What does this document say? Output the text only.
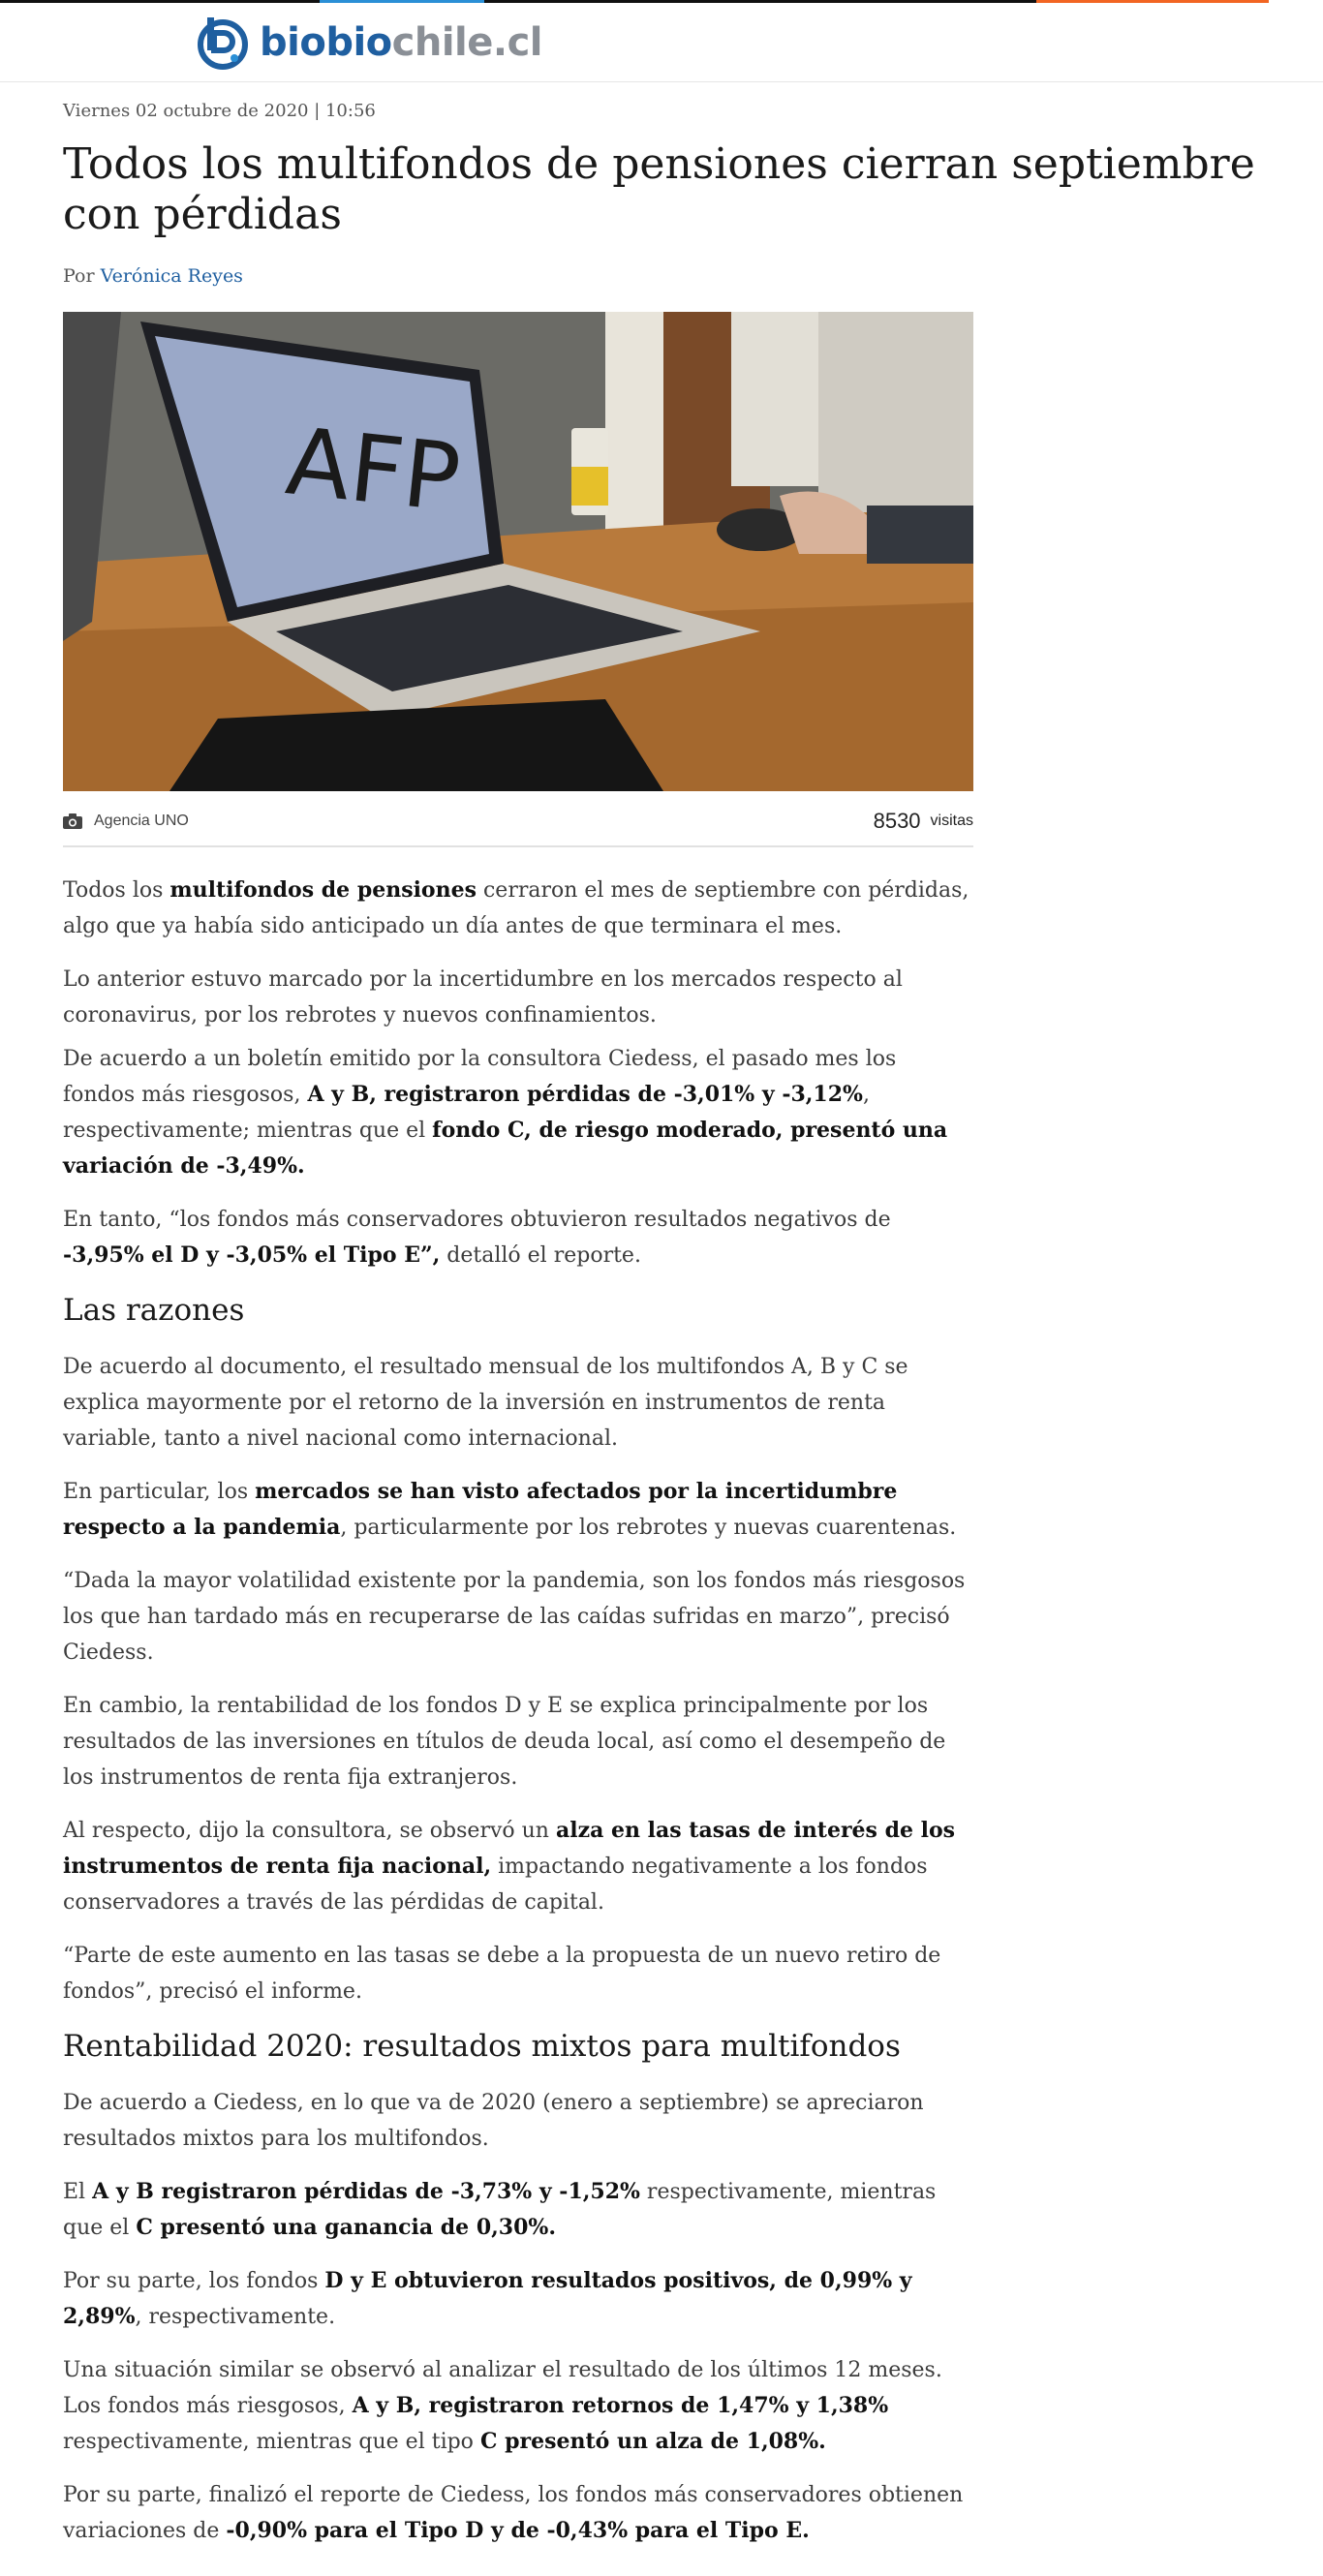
biobiochile.cl
Viernes 02 octubre de 2020 | 10:56
Todos los multifondos de pensiones cierran septiembre con pérdidas
Por Verónica Reyes
AFP
Agencia UNO	8530 visitas

Todos los multifondos de pensiones cerraron el mes de septiembre con pérdidas, algo que ya había sido anticipado un día antes de que terminara el mes.

Lo anterior estuvo marcado por la incertidumbre en los mercados respecto al coronavirus, por los rebrotes y nuevos confinamientos.

De acuerdo a un boletín emitido por la consultora Ciedess, el pasado mes los fondos más riesgosos, A y B, registraron pérdidas de -3,01% y -3,12%, respectivamente; mientras que el fondo C, de riesgo moderado, presentó una variación de -3,49%.

En tanto, “los fondos más conservadores obtuvieron resultados negativos de -3,95% el D y -3,05% el Tipo E”, detalló el reporte.

Las razones

De acuerdo al documento, el resultado mensual de los multifondos A, B y C se explica mayormente por el retorno de la inversión en instrumentos de renta variable, tanto a nivel nacional como internacional.

En particular, los mercados se han visto afectados por la incertidumbre respecto a la pandemia, particularmente por los rebrotes y nuevas cuarentenas.

“Dada la mayor volatilidad existente por la pandemia, son los fondos más riesgosos los que han tardado más en recuperarse de las caídas sufridas en marzo”, precisó Ciedess.

En cambio, la rentabilidad de los fondos D y E se explica principalmente por los resultados de las inversiones en títulos de deuda local, así como el desempeño de los instrumentos de renta fija extranjeros.

Al respecto, dijo la consultora, se observó un alza en las tasas de interés de los instrumentos de renta fija nacional, impactando negativamente a los fondos conservadores a través de las pérdidas de capital.

“Parte de este aumento en las tasas se debe a la propuesta de un nuevo retiro de fondos”, precisó el informe.

Rentabilidad 2020: resultados mixtos para multifondos

De acuerdo a Ciedess, en lo que va de 2020 (enero a septiembre) se apreciaron resultados mixtos para los multifondos.

El A y B registraron pérdidas de -3,73% y -1,52% respectivamente, mientras que el C presentó una ganancia de 0,30%.

Por su parte, los fondos D y E obtuvieron resultados positivos, de 0,99% y 2,89%, respectivamente.

Una situación similar se observó al analizar el resultado de los últimos 12 meses. Los fondos más riesgosos, A y B, registraron retornos de 1,47% y 1,38% respectivamente, mientras que el tipo C presentó un alza de 1,08%.

Por su parte, finalizó el reporte de Ciedess, los fondos más conservadores obtienen variaciones de -0,90% para el Tipo D y de -0,43% para el Tipo E.
